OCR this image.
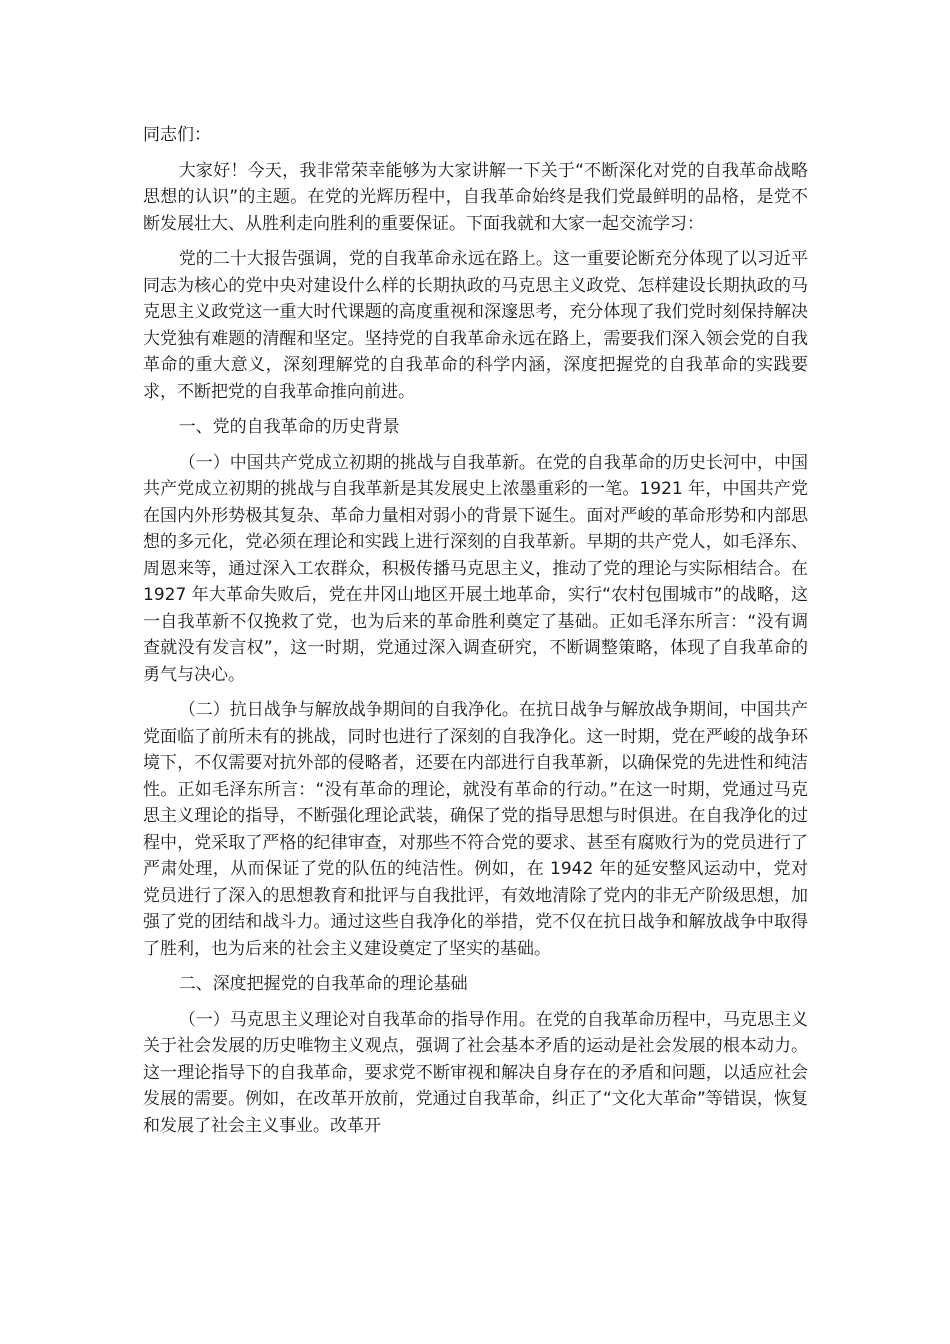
同志们：

大家好！今天，我非常荣幸能够为大家讲解一下关于“不断深化对党的自我革命战略思想的认识”的主题。在党的光辉历程中，自我革命始终是我们党最鲜明的品格，是党不断发展壮大、从胜利走向胜利的重要保证。下面我就和大家一起交流学习：

党的二十大报告强调，党的自我革命永远在路上。这一重要论断充分体现了以习近平同志为核心的党中央对建设什么样的长期执政的马克思主义政党、怎样建设长期执政的马克思主义政党这一重大时代课题的高度重视和深邃思考，充分体现了我们党时刻保持解决大党独有难题的清醒和坚定。坚持党的自我革命永远在路上，需要我们深入领会党的自我革命的重大意义，深刻理解党的自我革命的科学内涵，深度把握党的自我革命的实践要求，不断把党的自我革命推向前进。

一、党的自我革命的历史背景

（一）中国共产党成立初期的挑战与自我革新。在党的自我革命的历史长河中，中国共产党成立初期的挑战与自我革新是其发展史上浓墨重彩的一笔。1921 年，中国共产党在国内外形势极其复杂、革命力量相对弱小的背景下诞生。面对严峻的革命形势和内部思想的多元化，党必须在理论和实践上进行深刻的自我革新。早期的共产党人，如毛泽东、周恩来等，通过深入工农群众，积极传播马克思主义，推动了党的理论与实际相结合。在 1927 年大革命失败后，党在井冈山地区开展土地革命，实行“农村包围城市”的战略，这一自我革新不仅挽救了党，也为后来的革命胜利奠定了基础。正如毛泽东所言：“没有调查就没有发言权”，这一时期，党通过深入调查研究，不断调整策略，体现了自我革命的勇气与决心。

（二）抗日战争与解放战争期间的自我净化。在抗日战争与解放战争期间，中国共产党面临了前所未有的挑战，同时也进行了深刻的自我净化。这一时期，党在严峻的战争环境下，不仅需要对抗外部的侵略者，还要在内部进行自我革新，以确保党的先进性和纯洁性。正如毛泽东所言：“没有革命的理论，就没有革命的行动。”在这一时期，党通过马克思主义理论的指导，不断强化理论武装，确保了党的指导思想与时俱进。在自我净化的过程中，党采取了严格的纪律审查，对那些不符合党的要求、甚至有腐败行为的党员进行了严肃处理，从而保证了党的队伍的纯洁性。例如，在 1942 年的延安整风运动中，党对党员进行了深入的思想教育和批评与自我批评，有效地清除了党内的非无产阶级思想，加强了党的团结和战斗力。通过这些自我净化的举措，党不仅在抗日战争和解放战争中取得了胜利，也为后来的社会主义建设奠定了坚实的基础。

二、深度把握党的自我革命的理论基础

（一）马克思主义理论对自我革命的指导作用。在党的自我革命历程中，马克思主义关于社会发展的历史唯物主义观点，强调了社会基本矛盾的运动是社会发展的根本动力。这一理论指导下的自我革命，要求党不断审视和解决自身存在的矛盾和问题，以适应社会发展的需要。例如，在改革开放前，党通过自我革命，纠正了“文化大革命”等错误，恢复和发展了社会主义事业。改革开
